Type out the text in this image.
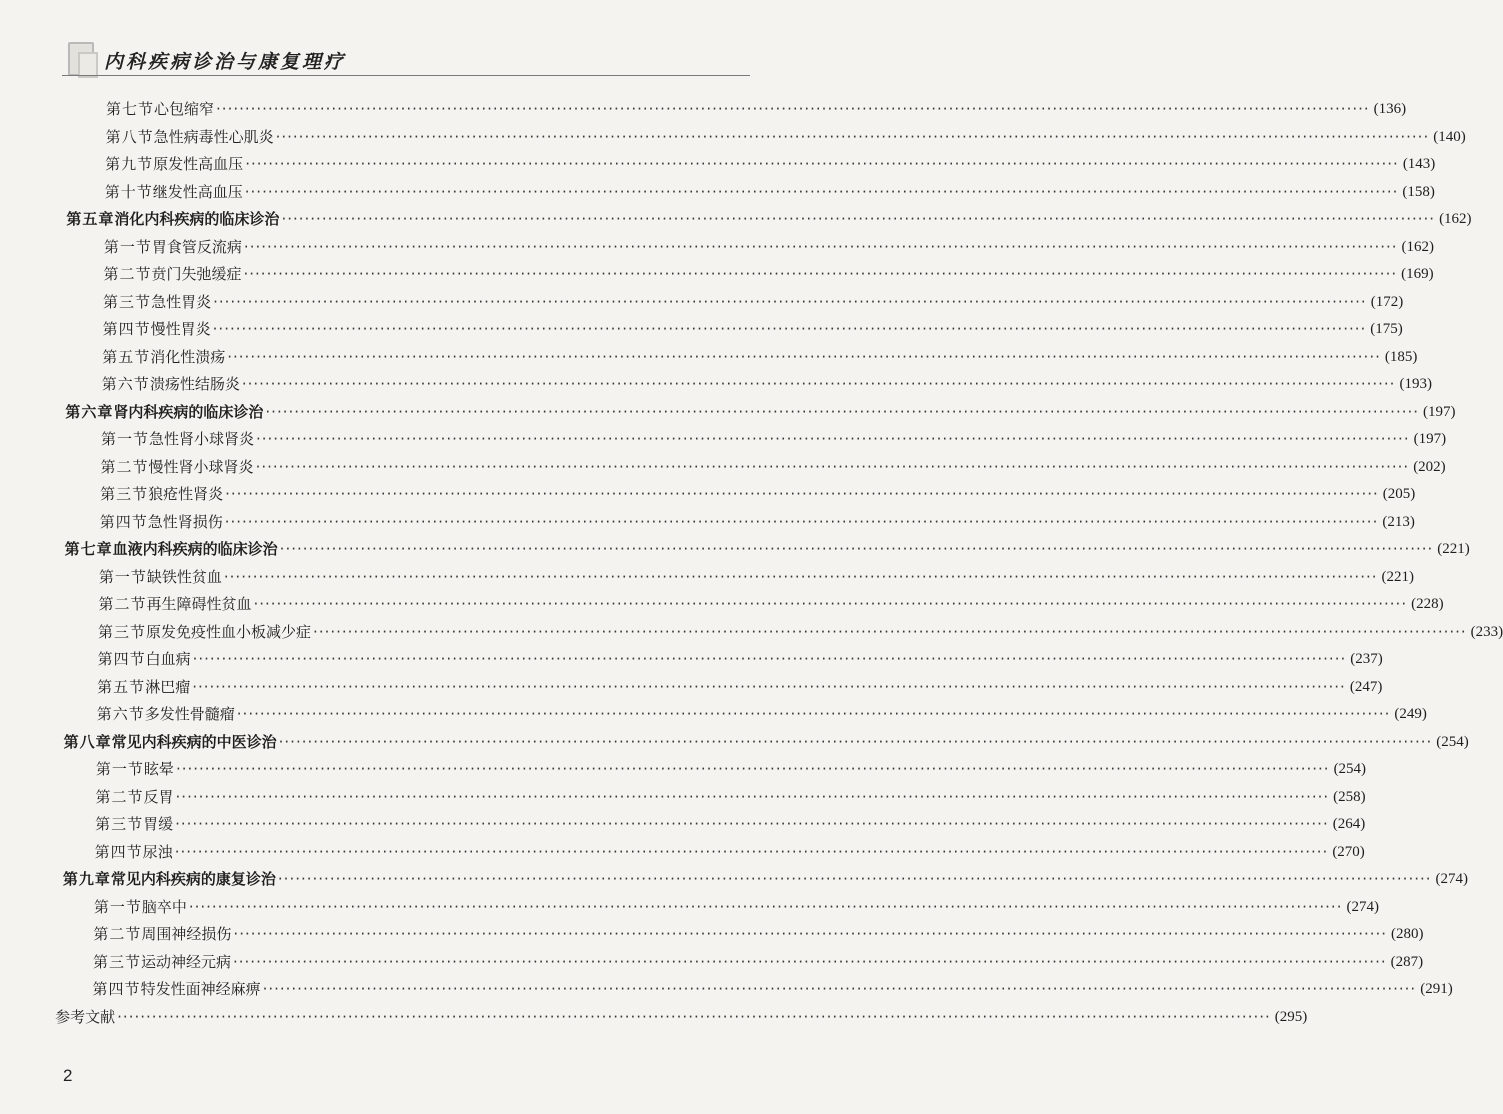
内科疾病诊治与康复理疗
第七节 心包缩窄 ········································································································································································································ (136)
第八节 急性病毒性心肌炎 ········································································································································································································ (140)
第九节 原发性高血压 ········································································································································································································ (143)
第十节 继发性高血压 ········································································································································································································ (158)
第五章 消化内科疾病的临床诊治 ········································································································································································································ (162)
第一节 胃食管反流病 ········································································································································································································ (162)
第二节 贲门失弛缓症 ········································································································································································································ (169)
第三节 急性胃炎 ········································································································································································································ (172)
第四节 慢性胃炎 ········································································································································································································ (175)
第五节 消化性溃疡 ········································································································································································································ (185)
第六节 溃疡性结肠炎 ········································································································································································································ (193)
第六章 肾内科疾病的临床诊治 ········································································································································································································ (197)
第一节 急性肾小球肾炎 ········································································································································································································ (197)
第二节 慢性肾小球肾炎 ········································································································································································································ (202)
第三节 狼疮性肾炎 ········································································································································································································ (205)
第四节 急性肾损伤 ········································································································································································································ (213)
第七章 血液内科疾病的临床诊治 ········································································································································································································ (221)
第一节 缺铁性贫血 ········································································································································································································ (221)
第二节 再生障碍性贫血 ········································································································································································································ (228)
第三节 原发免疫性血小板减少症 ········································································································································································································ (233)
第四节 白血病 ········································································································································································································ (237)
第五节 淋巴瘤 ········································································································································································································ (247)
第六节 多发性骨髓瘤 ········································································································································································································ (249)
第八章 常见内科疾病的中医诊治 ········································································································································································································ (254)
第一节 眩晕 ········································································································································································································ (254)
第二节 反胃 ········································································································································································································ (258)
第三节 胃缓 ········································································································································································································ (264)
第四节 尿浊 ········································································································································································································ (270)
第九章 常见内科疾病的康复诊治 ········································································································································································································ (274)
第一节 脑卒中 ········································································································································································································ (274)
第二节 周围神经损伤 ········································································································································································································ (280)
第三节 运动神经元病 ········································································································································································································ (287)
第四节 特发性面神经麻痹 ········································································································································································································ (291)
参考文献 ········································································································································································································ (295)
2
